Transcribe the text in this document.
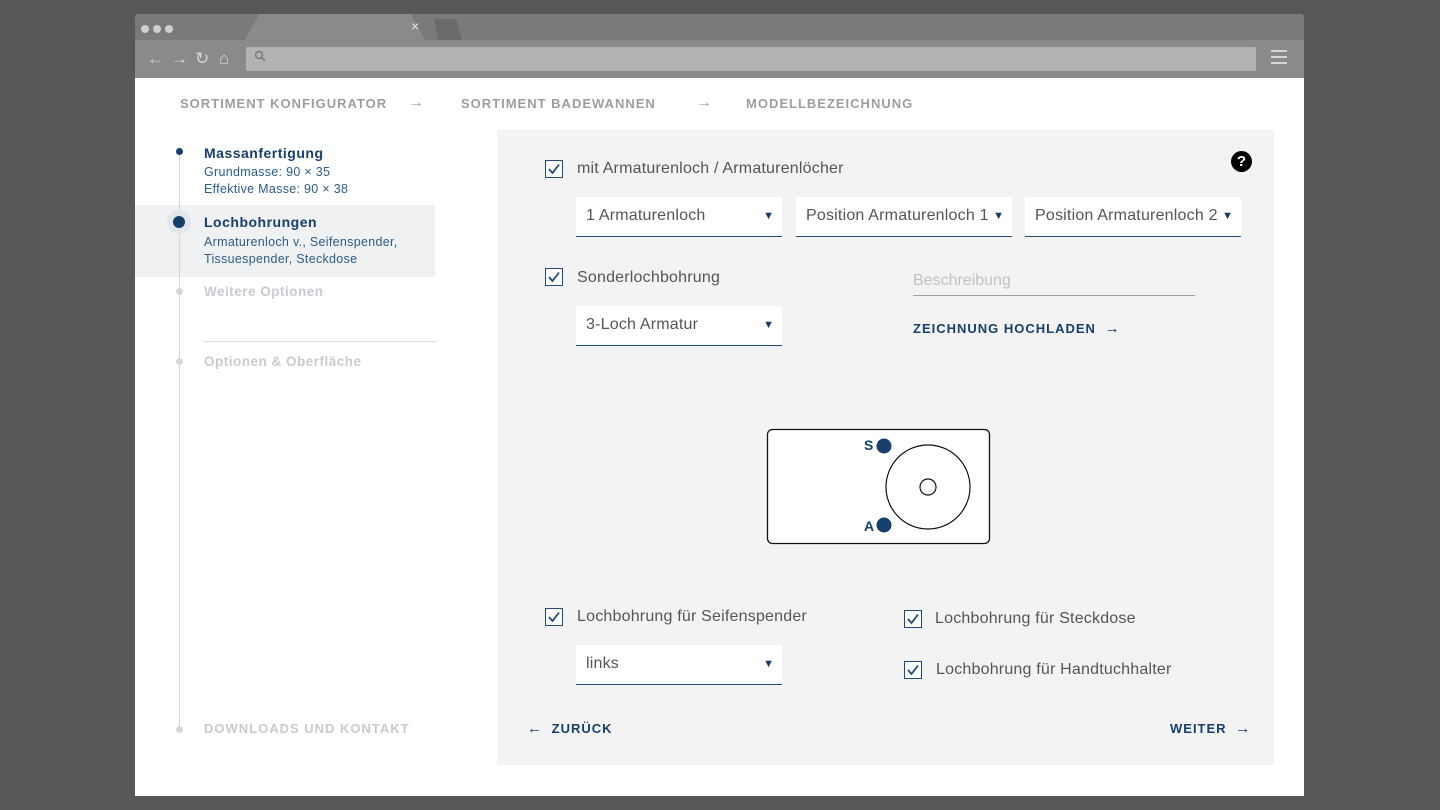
×
← → ↻ ⌂
SORTIMENT KONFIGURATOR →	SORTIMENT BADEWANNEN	→	MODELLBEZEICHNUNG
Massanfertigung
Grundmasse: 90 × 35
Effektive Masse: 90 × 38
Lochbohrungen
Armaturenloch v., Seifenspender,
Tissuespender, Steckdose
Weitere Optionen
Optionen & Oberfläche
DOWNLOADS UND KONTAKT
?
mit Armaturenloch / Armaturenlöcher
1 Armaturenloch	▼ Position Armaturenloch 1 ▼ Position Armaturenloch 2 ▼
Sonderlochbohrung	Beschreibung
3-Loch Armatur	▼	ZEICHNUNG HOCHLADEN →
S
A
Lochbohrung für Seifenspender
links	▼
Lochbohrung für Steckdose
Lochbohrung für Handtuchhalter
← ZURÜCK	WEITER →
